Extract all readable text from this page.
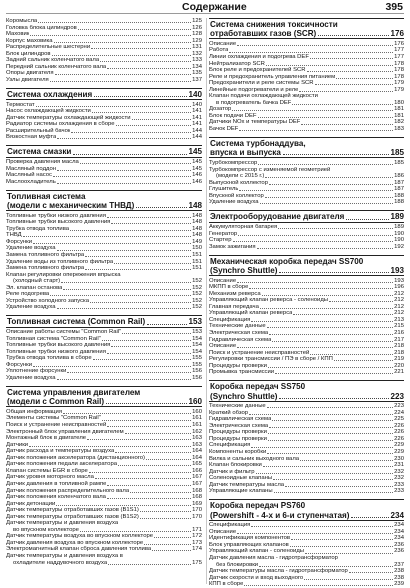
Содержание	395
Коромысла	125
Головка блока цилиндров	126
Маховик	128
Корпус маховика	129
Распределительные шестерни	131
Блок цилиндров	132
Задний сальник коленчатого вала	133
Передний сальник коленчатого вала	134
Опоры двигателя	135
Узлы двигателя	137
Система охлаждения	140
Термостат	140
Насос охлаждающей жидкости	141
Датчик температуры охлаждающей жидкости	141
Радиатор системы охлаждения в сборе	141
Расширительный бачок	144
Вязкостная муфта	144
Система смазки	145
Проверка давления масла	145
Масляный поддон	145
Масляный насос	146
Маслоохладитель	146
Топливная система
(модели с механическим ТНВД)	148
Топливные трубки низкого давления	148
Топливные трубки высокого давления	148
Трубка отвода топлива	148
ТНВД	148
Форсунки	149
Удаление воздуха	150
Замена топливного фильтра	151
Удаление воды из топливного фильтра	151
Замена топливного фильтра	151
Клапан регулировки опережения впрыска
(холодный старт)	152
Эл. клапан останова	152
Реле подогрева	152
Устройство холодного запуска	152
Удаление воздуха	152
Топливная система (Common Rail)	153
Описание работы системы "Common Rail"	153
Топливная система "Common Rail"	154
Топливные трубки высокого давления	154
Топливные трубки низкого давления	154
Трубка отвода топлива в сборе	155
Форсунки	155
Уплотнение форсунки	156
Удаление воздуха	156
Система управления двигателем
(модели с Common Rail)	160
Общая информация	160
Элементы системы "Common Rail"	161
Поиск и устранение неисправностей	161
Электронный блок управления двигателем	162
Монтажный блок в двигателе	163
Датчики	163
Датчик расхода и температуры воздуха	164
Датчик положения акселератора (дистанционного)	164
Датчик положения педали акселератора	165
Клапан системы EGR в сборе	166
Датчик уровня моторного масла	167
Датчик давления в топливной рампе	167
Датчик положения распределительного вала	168
Датчик положения коленчатого вала	168
Датчик детонации	169
Датчик температуры отработавших газов (B1S1)	170
Датчик температуры отработавших газов (B1S2)	170
Датчик температуры и давления воздуха
во впускном коллекторе	171
Датчик температуры воздуха во впускном коллекторе	172
Датчик давления воздуха во впускном коллекторе	173
Электромагнитный клапан сброса давления топлива	174
Датчик температуры и давления воздуха в
охладителе наддувочного воздуха	175
Система снижения токсичности
отработавших газов (SCR)	176
Описание	176
Работа	177
Линии охлаждения и подогрева DEF	177
Нейтрализатор SCR	178
Блок реле и предохранителей SCR	178
Реле и предохранитель управления питанием	178
Предохранители и реле системы SCR	179
Линейные подогреватели и реле	179
Клапан подачи охлаждающей жидкости
в подогреватель бачка DEF	180
Дозатор	181
Блок подачи DEF	181
Датчики NOx и температуры DEF	182
Бачок DEF	183
Система турбонаддува,
впуска и выпуска	185
Турбокомпрессор	185
Турбокомпрессор с изменяемой геометрией
(модели с 2015 г.)	186
Выпускной коллектор	187
Глушитель	187
Впускной коллектор	188
Удаление воздуха	188
Электрооборудование двигателя	189
Аккумуляторная батарея	189
Генератор	190
Стартер	190
Замок зажигания	192
Механическая коробка передач SS700
(Synchro Shuttle)	193
Описание	193
МКПП в сборе	196
Механизм реверса	212
Управляющий клапан реверса - соленоиды	212
Главная передача	212
Управляющий клапан реверса	212
Спецификация	213
Технические данные	215
Электрическая схема	216
Гидравлическая схема	217
Описание	218
Поиск и устранение неисправностей	218
Регулировки трансмиссии / ПЭ в сборе / КПП	219
Процедуры проверки	220
Промывка трансмиссии	221
Коробка передач SS750
(Synchro Shuttle)	223
Технические данные	223
Краткий обзор	224
Гидравлическая схема	225
Электрическая схема	226
Процедуры проверки	226
Процедуры проверки	226
Спецификация	229
Компоненты коробки	229
Вилка и сальник выходного вала	230
Клапан блокировки	231
Датчик и фильтр	232
Соленоидные клапаны	232
Датчик температуры масла	233
Управляющие клапаны	233
Коробка передач PS760
(Powershift - 4-х и 6-и ступенчатая)	234
Спецификация	234
Описание	234
Идентификация компонентов	234
Блок управляющих клапанов	236
Управляющий клапан - соленоиды	236
Датчик давления масла - гидротрансформатор
без блокировки	237
Датчик температуры масла - гидротрансформатор	238
Датчик скорости и вход выходного	238
КПП в сборе	239
